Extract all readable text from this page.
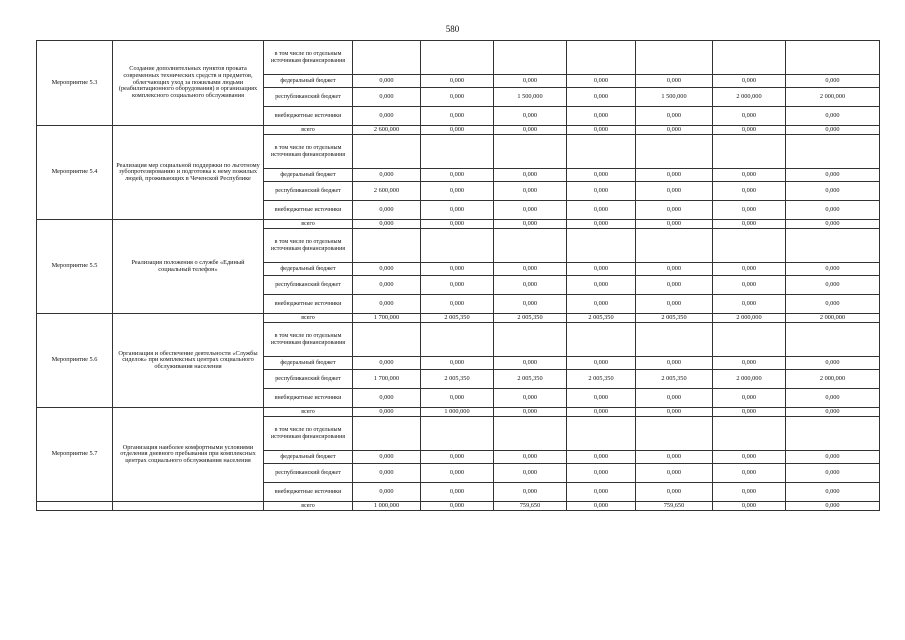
580
Мероприятие 5.3	Создание дополнительных пунктов проката современных технических средств и предметов, облегчающих уход за пожилыми людьми (реабилитационного оборудования) в организациях комплексного социального обслуживания	в том числе по отдельным источникам финансирования							
		федеральный бюджет	0,000	0,000	0,000	0,000	0,000	0,000	0,000
		республиканский бюджет	0,000	0,000	1 500,000	0,000	1 500,000	2 000,000	2 000,000
		внебюджетные источники	0,000	0,000	0,000	0,000	0,000	0,000	0,000
Мероприятие 5.4	Реализация мер социальной поддержки по льготному зубопротезированию и подготовка к нему пожилых людей, проживающих в Чеченской Республике	всего	2 600,000	0,000	0,000	0,000	0,000	0,000	0,000
		в том числе по отдельным источникам финансирования							
		федеральный бюджет	0,000	0,000	0,000	0,000	0,000	0,000	0,000
		республиканский бюджет	2 600,000	0,000	0,000	0,000	0,000	0,000	0,000
		внебюджетные источники	0,000	0,000	0,000	0,000	0,000	0,000	0,000
Мероприятие 5.5	Реализация положения о службе «Единый социальный телефон»	всего	0,000	0,000	0,000	0,000	0,000	0,000	0,000
		в том числе по отдельным источникам финансирования							
		федеральный бюджет	0,000	0,000	0,000	0,000	0,000	0,000	0,000
		республиканский бюджет	0,000	0,000	0,000	0,000	0,000	0,000	0,000
		внебюджетные источники	0,000	0,000	0,000	0,000	0,000	0,000	0,000
Мероприятие 5.6	Организация и обеспечение деятельности «Службы сиделок» при комплексных центрах социального обслуживания населения	всего	1 700,000	2 005,350	2 005,350	2 005,350	2 005,350	2 000,000	2 000,000
		в том числе по отдельным источникам финансирования							
		федеральный бюджет	0,000	0,000	0,000	0,000	0,000	0,000	0,000
		республиканский бюджет	1 700,000	2 005,350	2 005,350	2 005,350	2 005,350	2 000,000	2 000,000
		внебюджетные источники	0,000	0,000	0,000	0,000	0,000	0,000	0,000
Мероприятие 5.7	Организация наиболее комфортными условиями отделения дневного пребывания при комплексных центрах социального обслуживания населения	всего	0,000	1 000,000	0,000	0,000	0,000	0,000	0,000
		в том числе по отдельным источникам финансирования							
		федеральный бюджет	0,000	0,000	0,000	0,000	0,000	0,000	0,000
		республиканский бюджет	0,000	0,000	0,000	0,000	0,000	0,000	0,000
		внебюджетные источники	0,000	0,000	0,000	0,000	0,000	0,000	0,000
		всего	1 000,000	0,000	759,650	0,000	759,650	0,000	0,000
